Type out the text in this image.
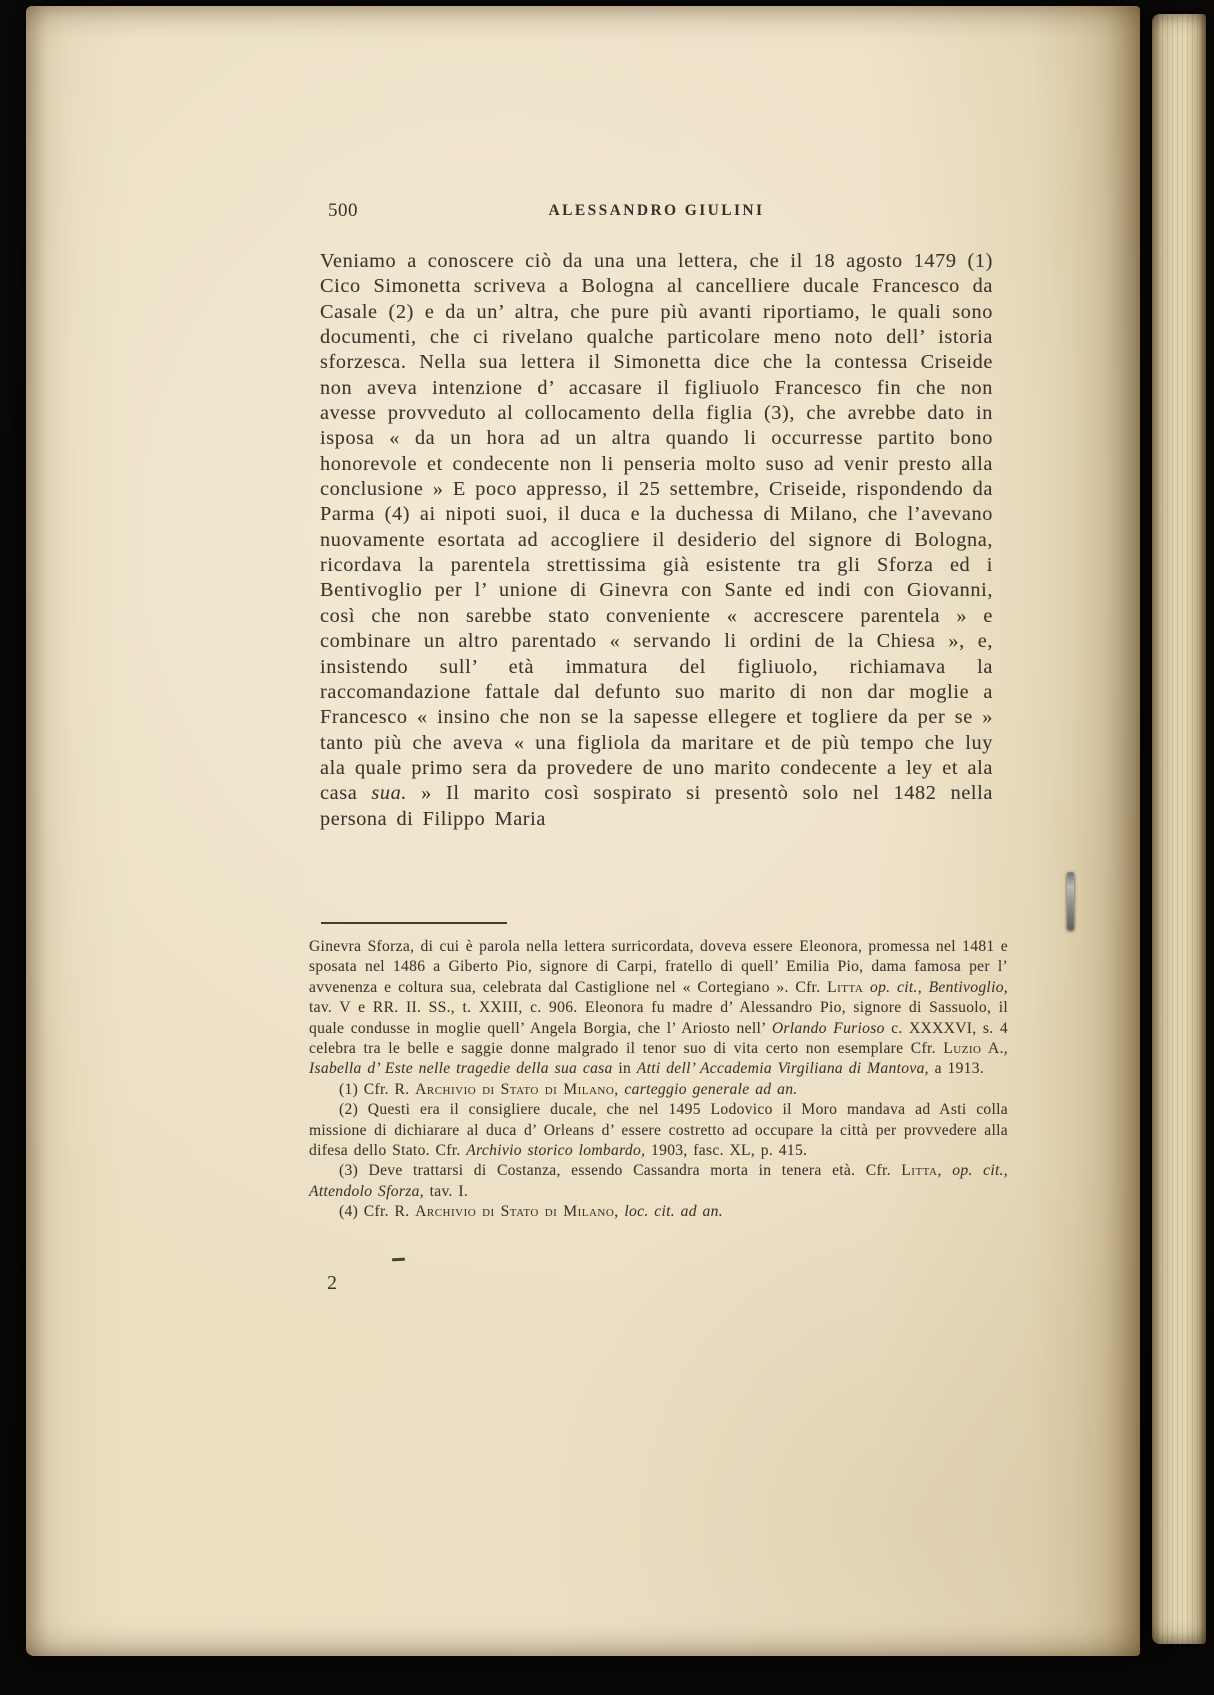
500	ALESSANDRO GIULINI

Veniamo a conoscere ciò da una una lettera, che il 18 agosto 1479 (1) Cico Simonetta scriveva a Bologna al cancelliere ducale Francesco da Casale (2) e da un’ altra, che pure più avanti riportiamo, le quali sono documenti, che ci rivelano qualche particolare meno noto dell’ istoria sforzesca. Nella sua lettera il Simonetta dice che la contessa Criseide non aveva intenzione d’ accasare il figliuolo Francesco fin che non avesse provveduto al collocamento della figlia (3), che avrebbe dato in isposa « da un hora ad un altra quando li occurresse partito bono honorevole et condecente non li penseria molto suso ad venir presto alla conclusione » E poco appresso, il 25 settembre, Criseide, rispondendo da Parma (4) ai nipoti suoi, il duca e la duchessa di Milano, che l’avevano nuovamente esortata ad accogliere il desiderio del signore di Bologna, ricordava la parentela strettissima già esistente tra gli Sforza ed i Bentivoglio per l’ unione di Ginevra con Sante ed indi con Giovanni, così che non sarebbe stato conveniente « accrescere parentela » e combinare un altro parentado « servando li ordini de la Chiesa », e, insistendo sull’ età immatura del figliuolo, richiamava la raccomandazione fattale dal defunto suo marito di non dar moglie a Francesco « insino che non se la sapesse ellegere et togliere da per se » tanto più che aveva « una figliola da maritare et de più tempo che luy ala quale primo sera da provedere de uno marito condecente a ley et ala casa sua. » Il marito così sospirato si presentò solo nel 1482 nella persona di Filippo Maria

Ginevra Sforza, di cui è parola nella lettera surricordata, doveva essere Eleonora, promessa nel 1481 e sposata nel 1486 a Giberto Pio, signore di Carpi, fratello di quell’ Emilia Pio, dama famosa per l’ avvenenza e coltura sua, celebrata dal Castiglione nel « Cortegiano ». Cfr. Litta op. cit., Bentivoglio, tav. V e RR. II. SS., t. XXIII, c. 906. Eleonora fu madre d’ Alessandro Pio, signore di Sassuolo, il quale condusse in moglie quell’ Angela Borgia, che l’ Ariosto nell’ Orlando Furioso c. XXXXVI, s. 4 celebra tra le belle e saggie donne malgrado il tenor suo di vita certo non esemplare Cfr. Luzio A., Isabella d’ Este nelle tragedie della sua casa in Atti dell’ Accademia Virgiliana di Mantova, a 1913.

(1) Cfr. R. Archivio di Stato di Milano, carteggio generale ad an.

(2) Questi era il consigliere ducale, che nel 1495 Lodovico il Moro mandava ad Asti colla missione di dichiarare al duca d’ Orleans d’ essere costretto ad occupare la città per provvedere alla difesa dello Stato. Cfr. Archivio storico lombardo, 1903, fasc. XL, p. 415.

(3) Deve trattarsi di Costanza, essendo Cassandra morta in tenera età. Cfr. Litta, op. cit., Attendolo Sforza, tav. I.

(4) Cfr. R. Archivio di Stato di Milano, loc. cit. ad an.

2
